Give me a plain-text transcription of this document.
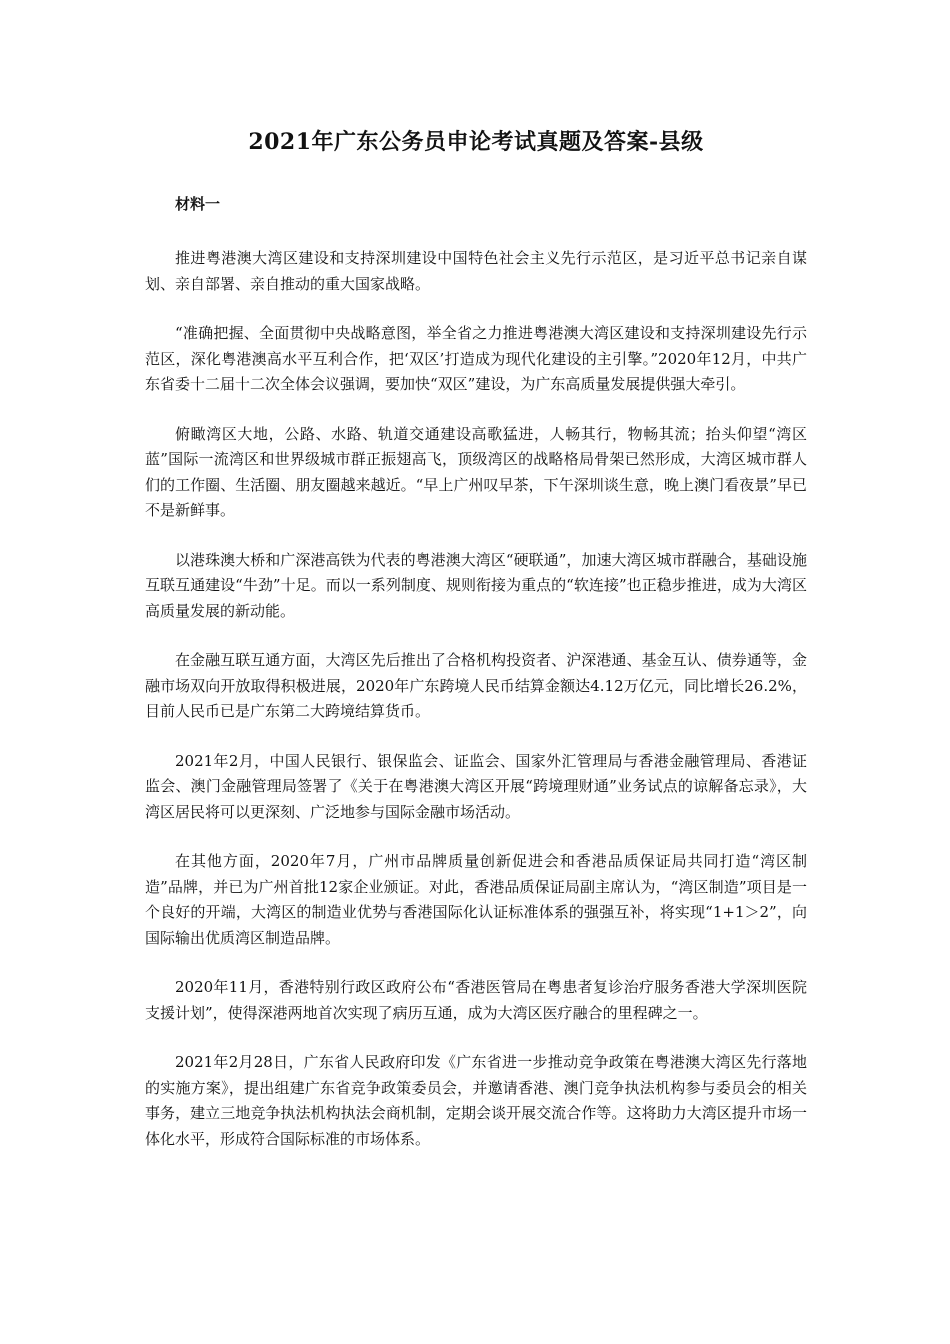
2021年广东公务员申论考试真题及答案-县级
材料一

推进粤港澳大湾区建设和支持深圳建设中国特色社会主义先行示范区，是习近平总书记亲自谋划、亲自部署、亲自推动的重大国家战略。

“准确把握、全面贯彻中央战略意图，举全省之力推进粤港澳大湾区建设和支持深圳建设先行示范区，深化粤港澳高水平互利合作，把‘双区’打造成为现代化建设的主引擎。”2020年12月，中共广东省委十二届十二次全体会议强调，要加快“双区”建设，为广东高质量发展提供强大牵引。

俯瞰湾区大地，公路、水路、轨道交通建设高歌猛进，人畅其行，物畅其流；抬头仰望“湾区蓝”国际一流湾区和世界级城市群正振翅高飞，顶级湾区的战略格局骨架已然形成，大湾区城市群人们的工作圈、生活圈、朋友圈越来越近。“早上广州叹早茶，下午深圳谈生意，晚上澳门看夜景”早已不是新鲜事。

以港珠澳大桥和广深港高铁为代表的粤港澳大湾区“硬联通”，加速大湾区城市群融合，基础设施互联互通建设“牛劲”十足。而以一系列制度、规则衔接为重点的“软连接”也正稳步推进，成为大湾区高质量发展的新动能。

在金融互联互通方面，大湾区先后推出了合格机构投资者、沪深港通、基金互认、债券通等，金融市场双向开放取得积极进展，2020年广东跨境人民币结算金额达4.12万亿元，同比增长26.2%，目前人民币已是广东第二大跨境结算货币。

2021年2月，中国人民银行、银保监会、证监会、国家外汇管理局与香港金融管理局、香港证监会、澳门金融管理局签署了《关于在粤港澳大湾区开展“跨境理财通”业务试点的谅解备忘录》，大湾区居民将可以更深刻、广泛地参与国际金融市场活动。

在其他方面，2020年7月，广州市品牌质量创新促进会和香港品质保证局共同打造“湾区制造”品牌，并已为广州首批12家企业颁证。对此，香港品质保证局副主席认为，“湾区制造”项目是一个良好的开端，大湾区的制造业优势与香港国际化认证标准体系的强强互补，将实现“1+1＞2”，向国际输出优质湾区制造品牌。

2020年11月，香港特别行政区政府公布“香港医管局在粤患者复诊治疗服务香港大学深圳医院支援计划”，使得深港两地首次实现了病历互通，成为大湾区医疗融合的里程碑之一。

2021年2月28日，广东省人民政府印发《广东省进一步推动竞争政策在粤港澳大湾区先行落地的实施方案》，提出组建广东省竞争政策委员会，并邀请香港、澳门竞争执法机构参与委员会的相关事务，建立三地竞争执法机构执法会商机制，定期会谈开展交流合作等。这将助力大湾区提升市场一体化水平，形成符合国际标准的市场体系。
